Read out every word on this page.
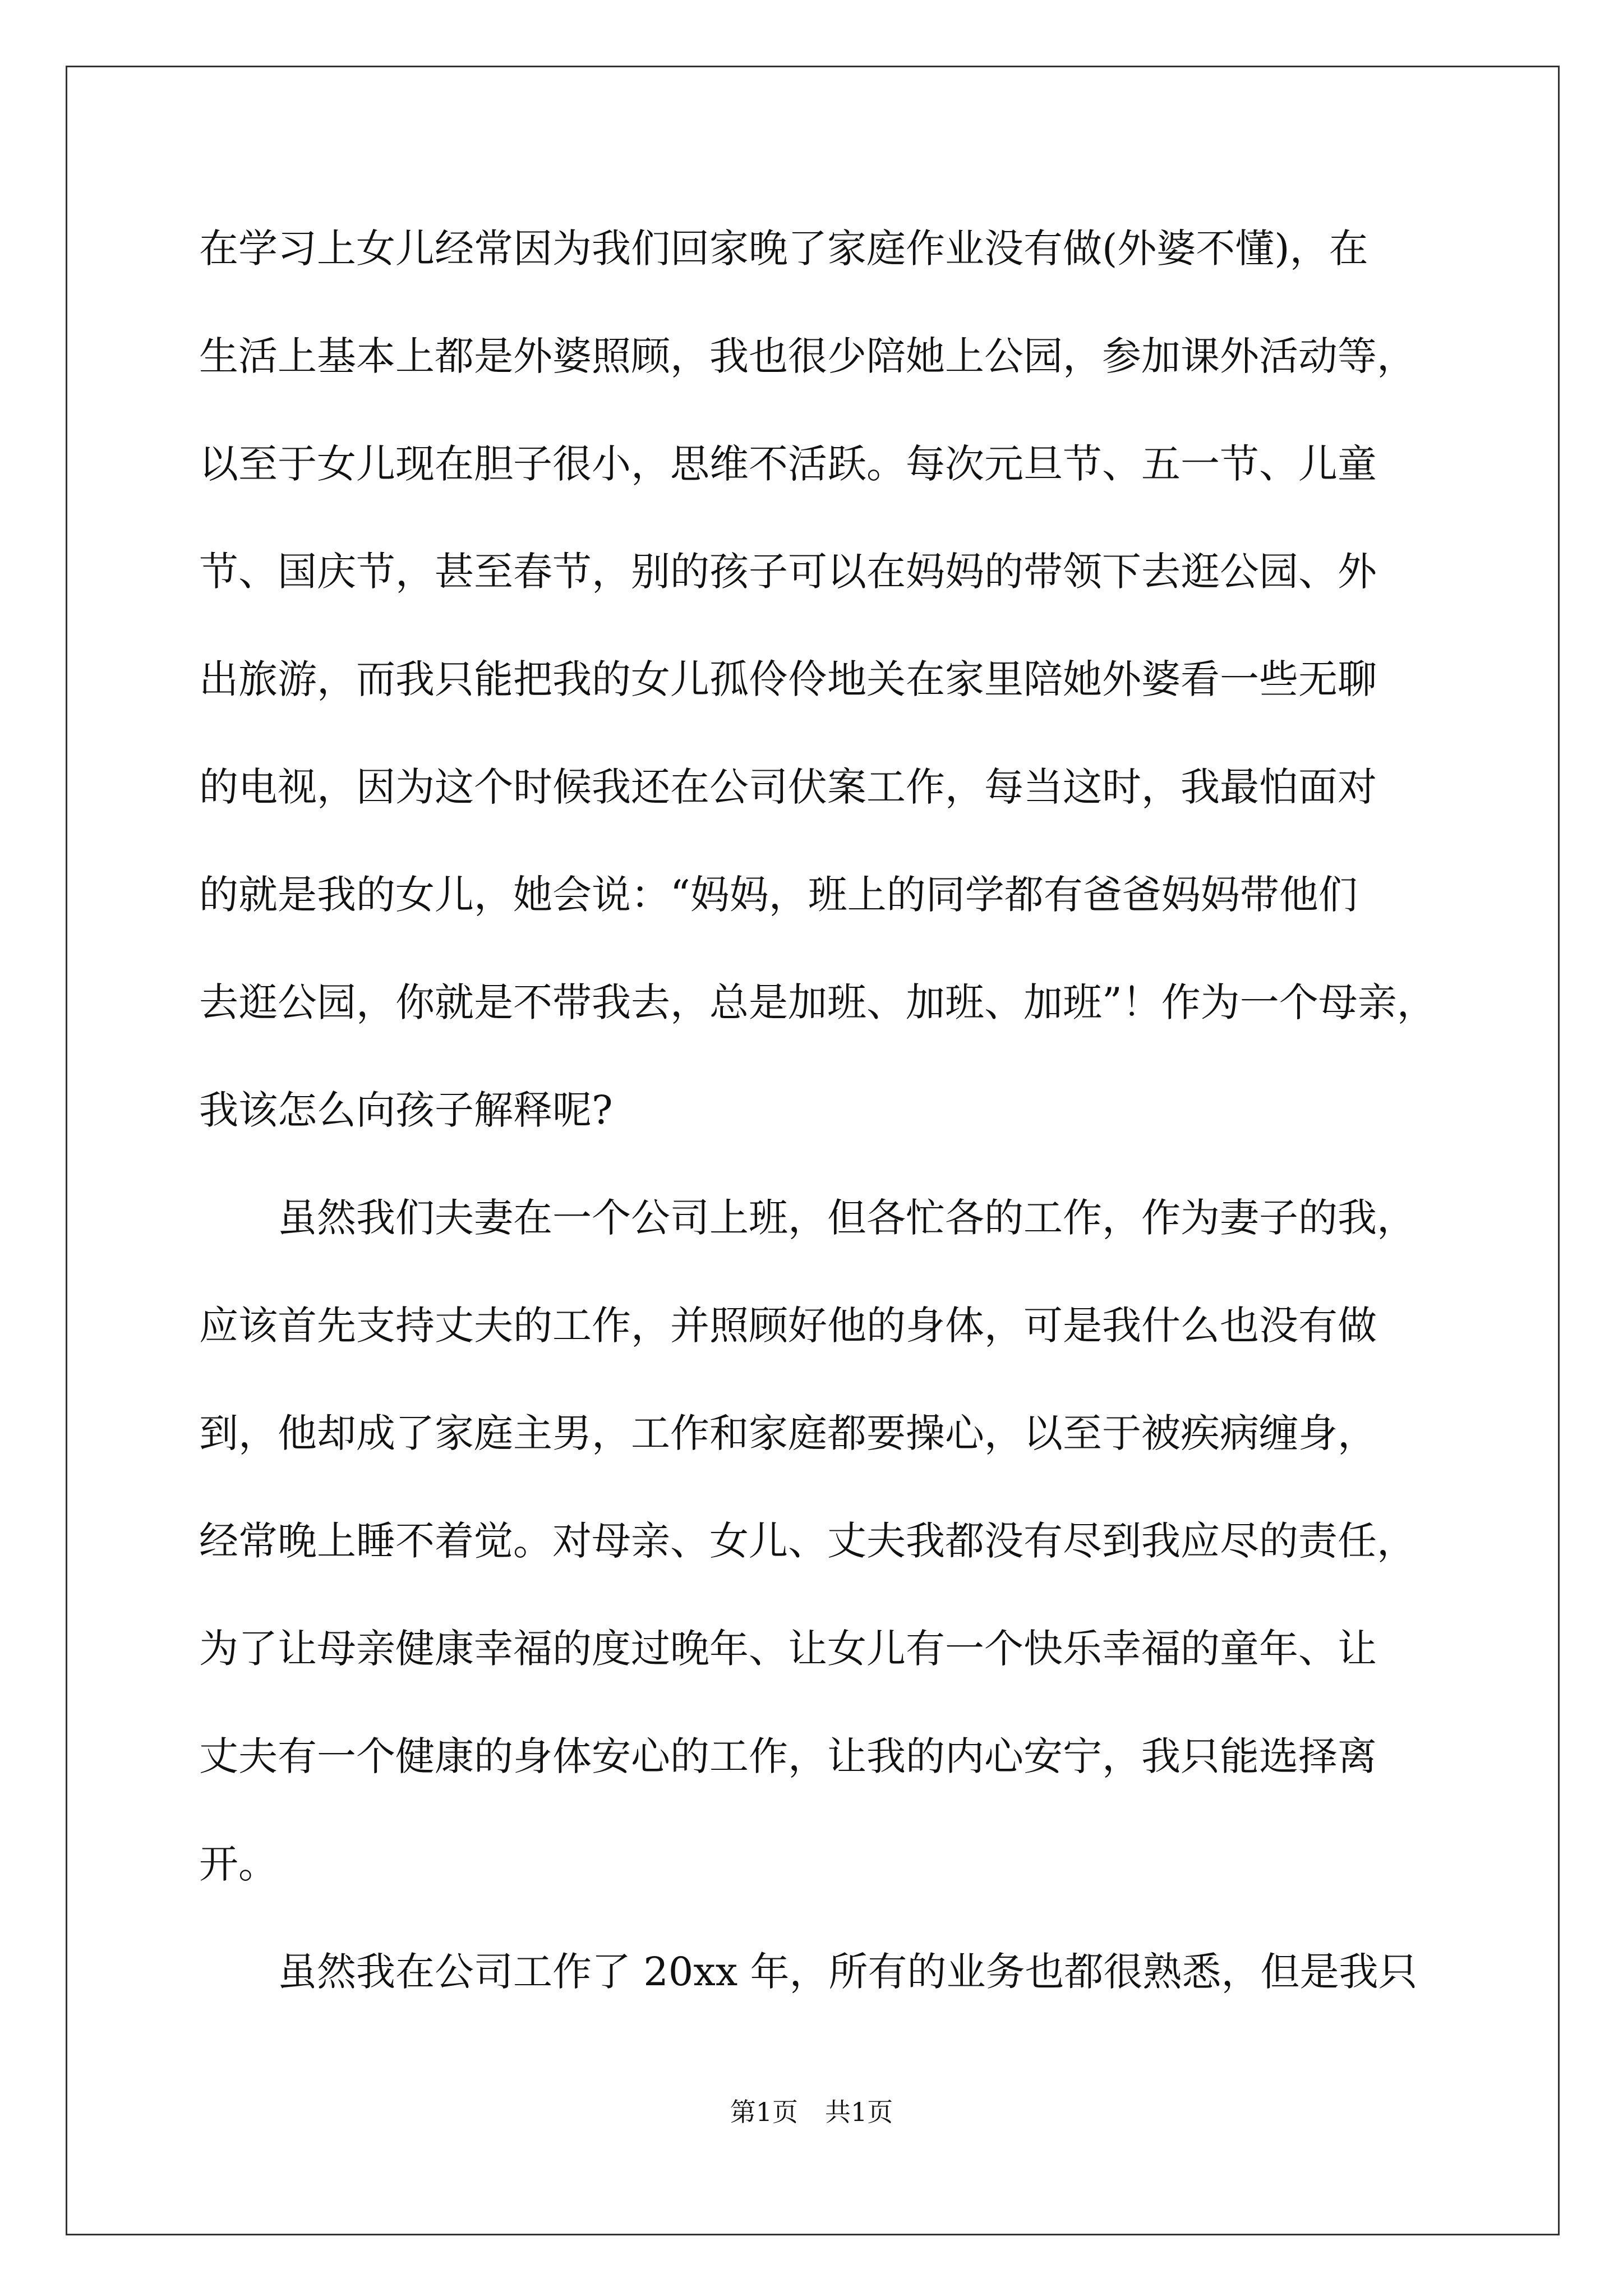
在学习上女儿经常因为我们回家晚了家庭作业没有做(外婆不懂)，在
生活上基本上都是外婆照顾，我也很少陪她上公园，参加课外活动等，
以至于女儿现在胆子很小，思维不活跃。每次元旦节、五一节、儿童
节、国庆节，甚至春节，别的孩子可以在妈妈的带领下去逛公园、外
出旅游，而我只能把我的女儿孤伶伶地关在家里陪她外婆看一些无聊
的电视，因为这个时候我还在公司伏案工作，每当这时，我最怕面对
的就是我的女儿，她会说：“妈妈，班上的同学都有爸爸妈妈带他们
去逛公园，你就是不带我去，总是加班、加班、加班”！作为一个母亲，
我该怎么向孩子解释呢?
　　虽然我们夫妻在一个公司上班，但各忙各的工作，作为妻子的我，
应该首先支持丈夫的工作，并照顾好他的身体，可是我什么也没有做
到，他却成了家庭主男，工作和家庭都要操心，以至于被疾病缠身，
经常晚上睡不着觉。对母亲、女儿、丈夫我都没有尽到我应尽的责任，
为了让母亲健康幸福的度过晚年、让女儿有一个快乐幸福的童年、让
丈夫有一个健康的身体安心的工作，让我的内心安宁，我只能选择离
开。
　　虽然我在公司工作了 20xx 年，所有的业务也都很熟悉，但是我只
第1页 共1页
